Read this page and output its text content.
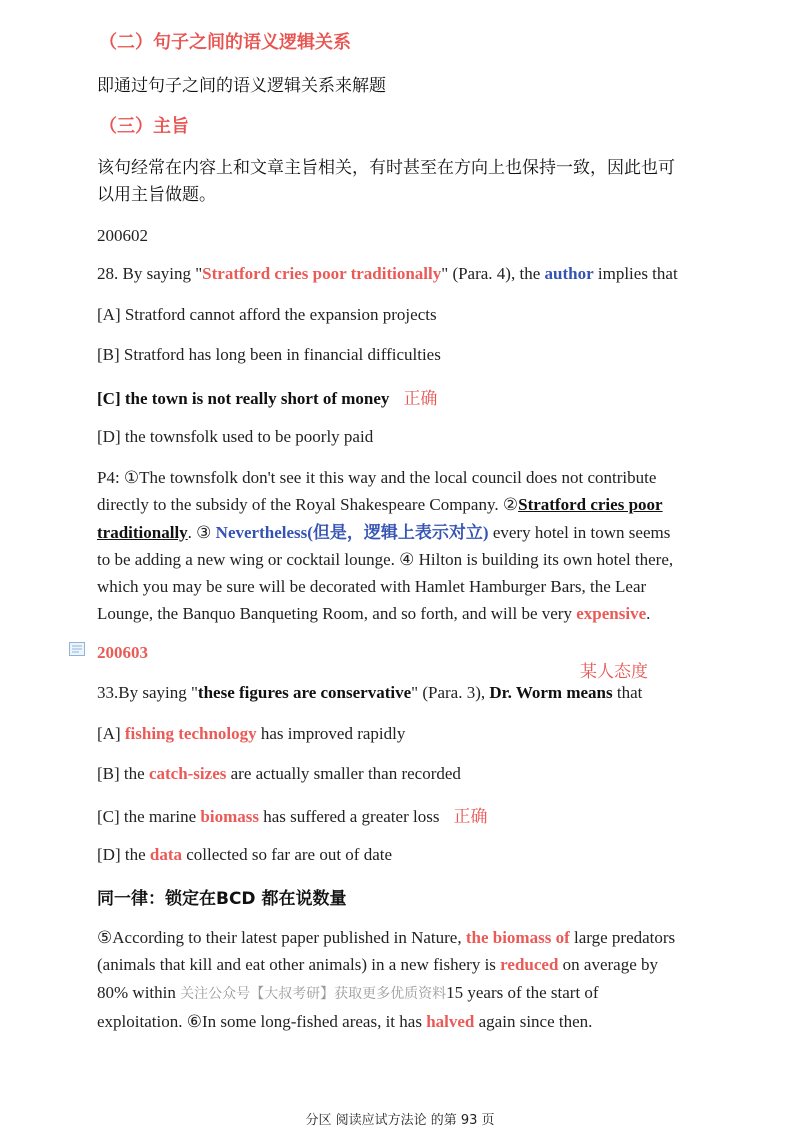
（二）句子之间的语义逻辑关系
即通过句子之间的语义逻辑关系来解题
（三）主旨
该句经常在内容上和文章主旨相关，有时甚至在方向上也保持一致，因此也可
以用主旨做题。
200602
28. By saying "Stratford cries poor traditionally" (Para. 4), the author implies that
[A] Stratford cannot afford the expansion projects
[B] Stratford has long been in financial difficulties
[C] the town is not really short of money 正确
[D] the townsfolk used to be poorly paid
P4: ①The townsfolk don't see it this way and the local council does not contribute
directly to the subsidy of the Royal Shakespeare Company. ②Stratford cries poor
traditionally. ③ Nevertheless(但是，逻辑上表示对立) every hotel in town seems
to be adding a new wing or cocktail lounge. ④ Hilton is building its own hotel there,
which you may be sure will be decorated with Hamlet Hamburger Bars, the Lear
Lounge, the Banquo Banqueting Room, and so forth, and will be very expensive.
200603
某人态度
33.By saying "these figures are conservative" (Para. 3), Dr. Worm means that
[A] fishing technology has improved rapidly
[B] the catch-sizes are actually smaller than recorded
[C] the marine biomass has suffered a greater loss 正确
[D] the data collected so far are out of date
同一律：锁定在BCD 都在说数量
⑤According to their latest paper published in Nature, the biomass of large predators
(animals that kill and eat other animals) in a new fishery is reduced on average by
80% within 关注公众号【大叔考研】获取更多优质资料15 years of the start of
exploitation. ⑥In some long-fished areas, it has halved again since then.
分区 阅读应试方法论 的第 93 页
